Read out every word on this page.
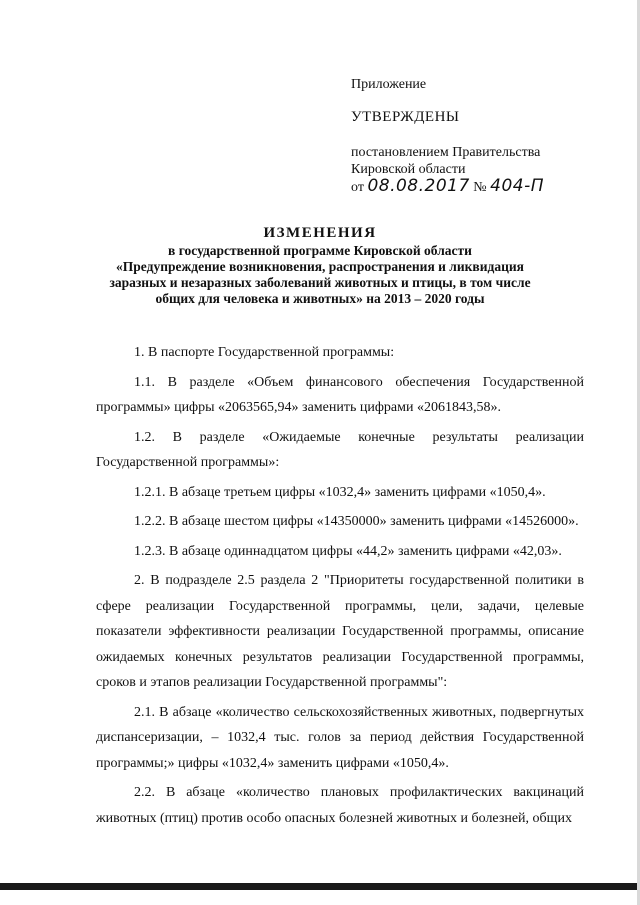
Приложение
УТВЕРЖДЕНЫ
постановлением Правительства
Кировской области
от 08.08.2017 № 404-П
ИЗМЕНЕНИЯ
в государственной программе Кировской области
«Предупреждение возникновения, распространения и ликвидация
заразных и незаразных заболеваний животных и птицы, в том числе
общих для человека и животных» на 2013 – 2020 годы

1. В паспорте Государственной программы:

1.1. В разделе «Объем финансового обеспечения Государственной программы» цифры «2063565,94» заменить цифрами «2061843,58».

1.2. В разделе «Ожидаемые конечные результаты реализации Государственной программы»:

1.2.1. В абзаце третьем цифры «1032,4» заменить цифрами «1050,4».

1.2.2. В абзаце шестом цифры «14350000» заменить цифрами «14526000».

1.2.3. В абзаце одиннадцатом цифры «44,2» заменить цифрами «42,03».

2. В подразделе 2.5 раздела 2 "Приоритеты государственной политики в сфере реализации Государственной программы, цели, задачи, целевые показатели эффективности реализации Государственной программы, описание ожидаемых конечных результатов реализации Государственной программы, сроков и этапов реализации Государственной программы":

2.1. В абзаце «количество сельскохозяйственных животных, подвергнутых диспансеризации, – 1032,4 тыс. голов за период действия Государственной программы;» цифры «1032,4» заменить цифрами «1050,4».

2.2. В абзаце «количество плановых профилактических вакцинаций животных (птиц) против особо опасных болезней животных и болезней, общих
